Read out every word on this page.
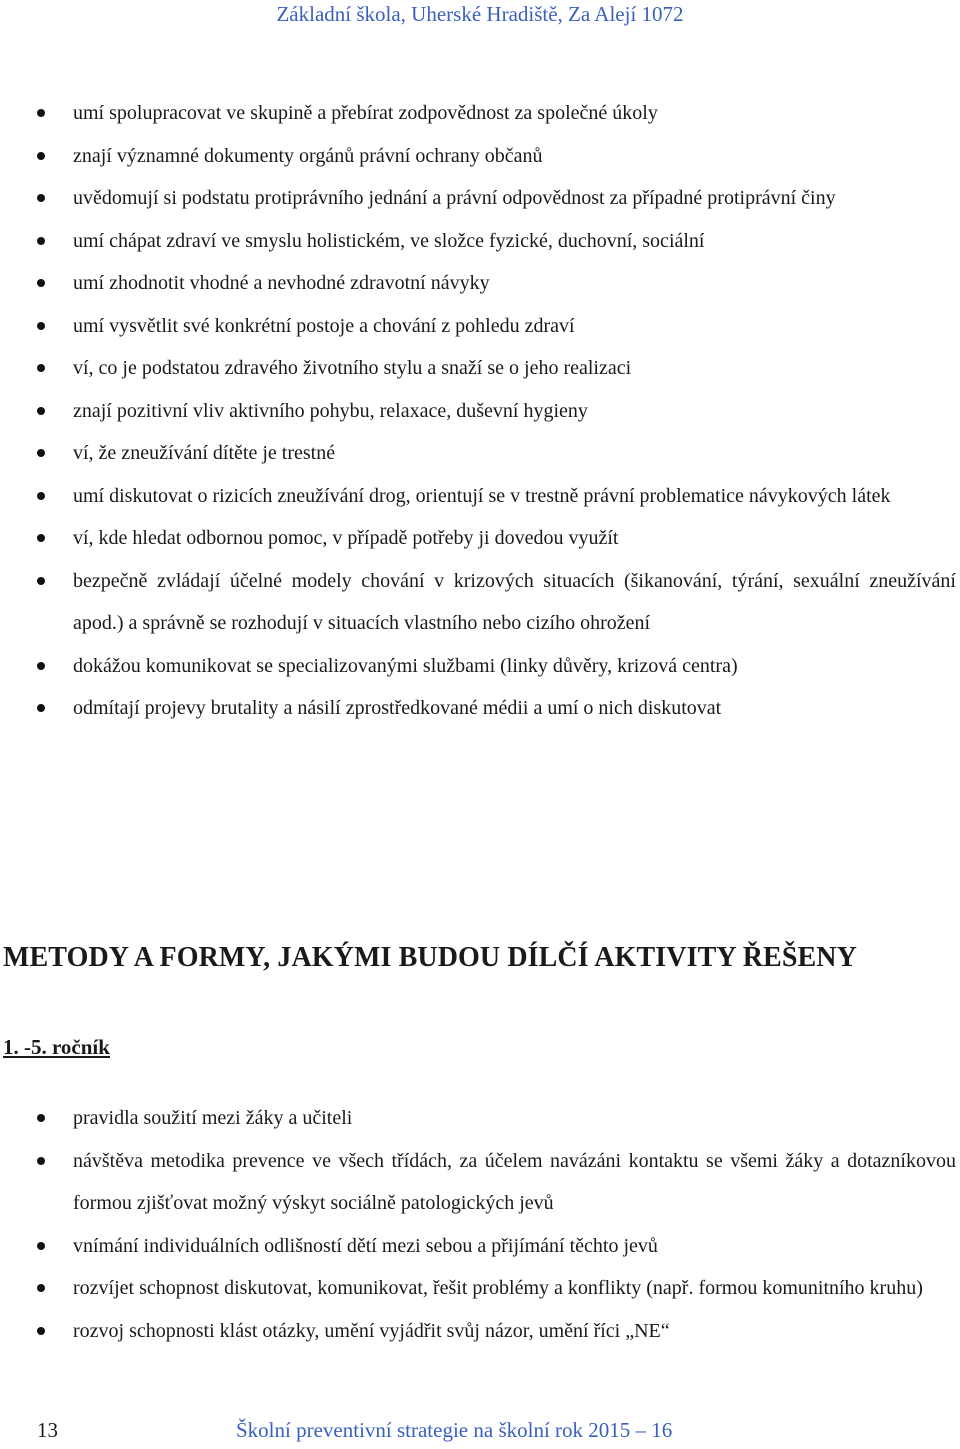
Základní škola, Uherské Hradiště, Za Alejí 1072
umí spolupracovat ve skupině a přebírat zodpovědnost za společné úkoly
znají významné dokumenty orgánů právní ochrany občanů
uvědomují si podstatu protiprávního jednání a právní odpovědnost za případné protiprávní činy
umí chápat zdraví ve smyslu holistickém, ve složce fyzické, duchovní, sociální
umí zhodnotit vhodné a nevhodné zdravotní návyky
umí vysvětlit své konkrétní postoje a chování z pohledu zdraví
ví, co je podstatou zdravého životního stylu a snaží se o jeho realizaci
znají pozitivní vliv aktivního pohybu, relaxace, duševní hygieny
ví, že zneužívání dítěte je trestné
umí diskutovat o rizicích zneužívání drog, orientují se v trestně právní problematice návykových látek
ví, kde hledat odbornou pomoc, v případě potřeby ji dovedou využít
bezpečně zvládají účelné modely chování v krizových situacích (šikanování, týrání, sexuální zneužívání apod.) a správně se rozhodují v situacích vlastního nebo cizího ohrožení
dokážou komunikovat se specializovanými službami (linky důvěry, krizová centra)
odmítají projevy brutality a násilí zprostředkované médii a umí o nich diskutovat
METODY A FORMY, JAKÝMI BUDOU DÍLČÍ AKTIVITY ŘEŠENY
1. -5. ročník
pravidla soužití mezi žáky a učiteli
návštěva metodika prevence ve všech třídách, za účelem navázáni kontaktu se všemi žáky a dotazníkovou formou zjišťovat možný výskyt sociálně patologických jevů
vnímání individuálních odlišností dětí mezi sebou a přijímání těchto jevů
rozvíjet schopnost diskutovat, komunikovat, řešit problémy a konflikty (např. formou komunitního kruhu)
rozvoj schopnosti klást otázky, umění vyjádřit svůj názor, umění říci „NE“
13	Školní preventivní strategie na školní rok 2015 – 16
